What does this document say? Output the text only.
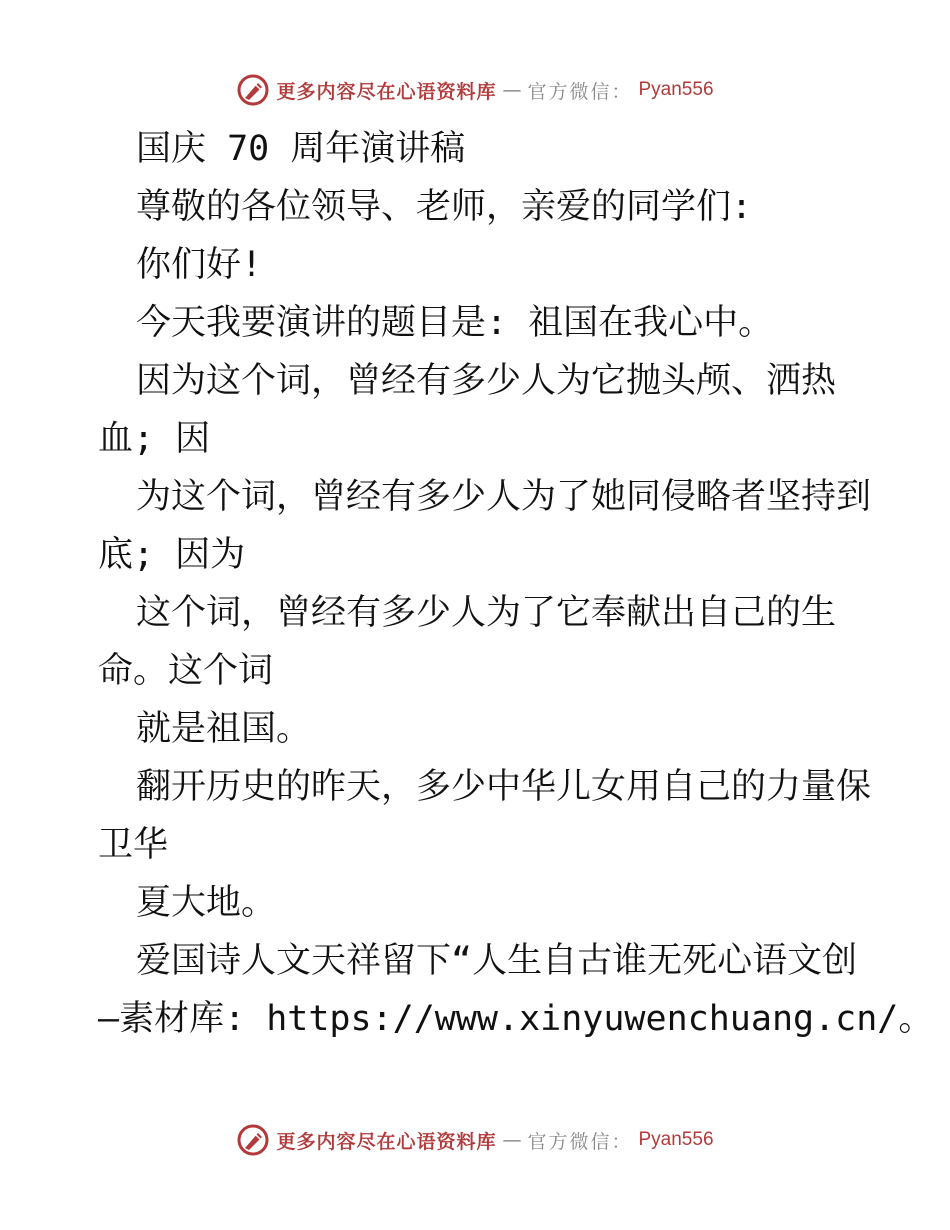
更多内容尽在心语资料库 — 官方微信： Pyan556
国庆 70 周年演讲稿
尊敬的各位领导、老师，亲爱的同学们:
你们好!
今天我要演讲的题目是: 祖国在我心中。
因为这个词，曾经有多少人为它抛头颅、洒热
血; 因
为这个词，曾经有多少人为了她同侵略者坚持到
底; 因为
这个词，曾经有多少人为了它奉献出自己的生
命。这个词
就是祖国。
翻开历史的昨天，多少中华儿女用自己的力量保
卫华
夏大地。
爱国诗人文天祥留下“人生自古谁无死心语文创
—素材库: https://www.xinyuwenchuang.cn/。
更多内容尽在心语资料库 — 官方微信： Pyan556
